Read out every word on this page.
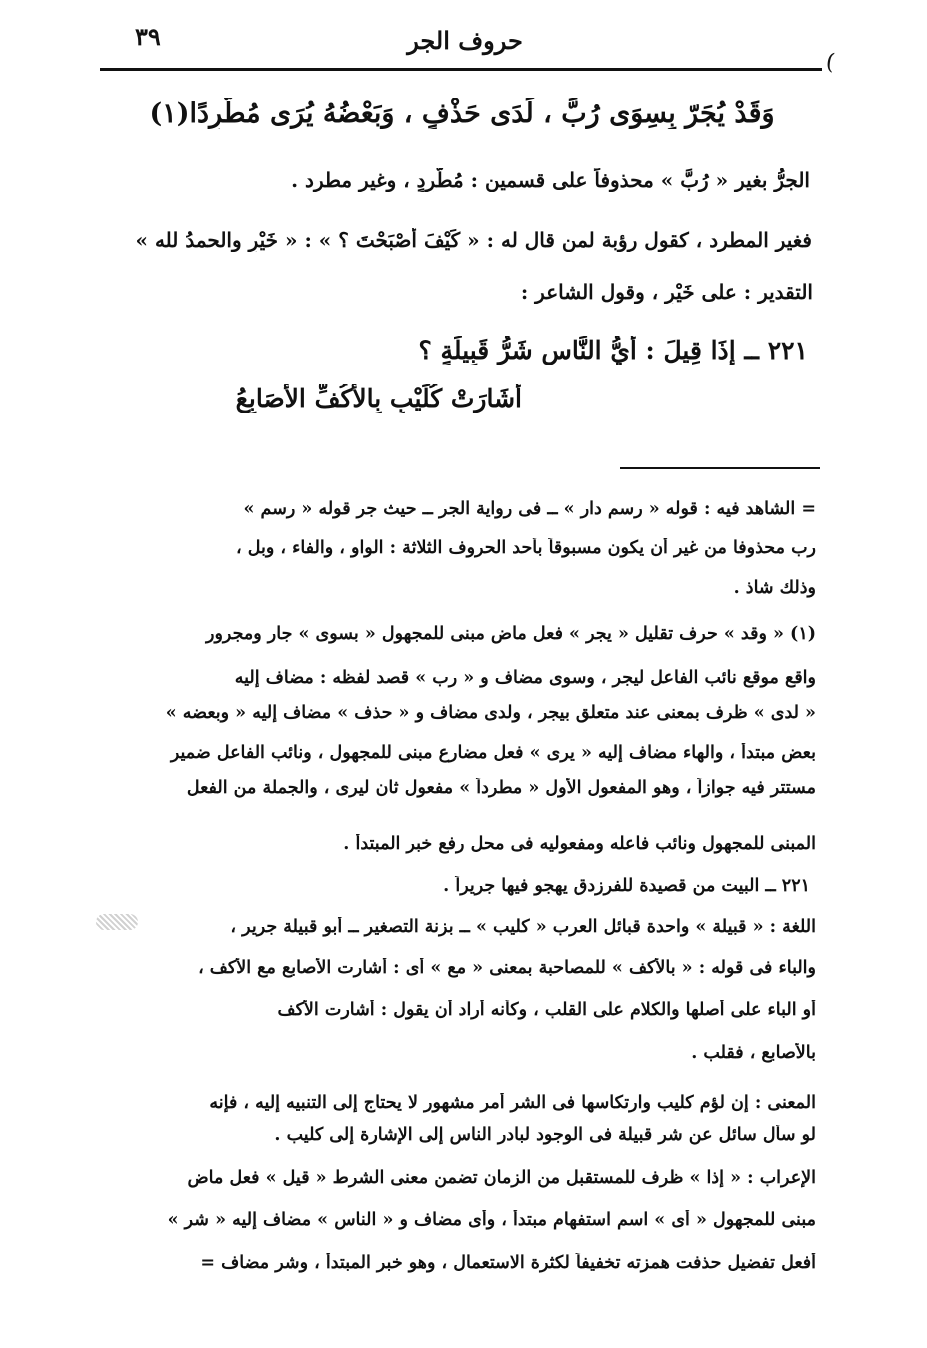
٣٩	حروف الجر
(
وَقَدْ يُجَرّ بِسِوَى رُبَّ ، لَدَى حَذْفٍ ، وَبَعْضُهُ يُرَى مُطَّرِدًا(١)
الجرُّ بغير « رُبَّ » محذوفاً على قسمين : مُطَّرِدٍ ، وغير مطرد .
فغير المطرد ، كقول رؤبة لمن قال له : « كَيْفَ أَصْبَحْتَ ؟ » : « خَيْرٍ والحمدُ لله »
التقدير : على خَيْرٍ ، وقول الشاعر :
٢٢١ ــ إِذَا قِيلَ : أَيُّ النَّاسِ شَرُّ قَبِيلَةٍ ؟
أَشَارَتْ كُلَيْبٍ بِالأَكُفِّ الأَصَابِعُ
= الشاهد فيه : قوله « رسم دار » ــ فى رواية الجر ــ حيث جر قوله « رسم »
رب محذوفا من غير أن يكون مسبوقاً بأحد الحروف الثلاثة : الواو ، والفاء ، وبل ،
وذلك شاذ .
(١) « وقد » حرف تقليل « يجر » فعل ماض مبنى للمجهول « بسوى » جار ومجرور
واقع موقع نائب الفاعل ليجر ، وسوى مضاف و « رب » قصد لفظه : مضاف إليه
« لدى » ظرف بمعنى عند متعلق بيجر ، ولدى مضاف و « حذف » مضاف إليه « وبعضه »
بعض مبتدأ ، والهاء مضاف إليه « يرى » فعل مضارع مبنى للمجهول ، ونائب الفاعل ضمير
مستتر فيه جوازاً ، وهو المفعول الأول « مطرداً » مفعول ثان ليرى ، والجملة من الفعل
المبنى للمجهول ونائب فاعله ومفعوليه فى محل رفع خبر المبتدأ .
٢٢١ ــ البيت من قصيدة للفرزدق يهجو فيها جريراً .
اللغة : « قبيلة » واحدة قبائل العرب « كليب » ــ بزنة التصغير ــ أبو قبيلة جرير ،
والباء فى قوله : « بالأكف » للمصاحبة بمعنى « مع » أى : أشارت الأصابع مع الأكف ،
أو الباء على أصلها والكلام على القلب ، وكأنه أراد أن يقول : أشارت الأكف
بالأصابع ، فقلب .
المعنى : إن لؤم كليب وارتكاسها فى الشر أمر مشهور لا يحتاج إلى التنبيه إليه ، فإنه
لو سأل سائل عن شر قبيلة فى الوجود لبادر الناس إلى الإشارة إلى كليب .
الإعراب : « إذا » ظرف للمستقبل من الزمان تضمن معنى الشرط « قيل » فعل ماض
مبنى للمجهول « أى » اسم استفهام مبتدأ ، وأى مضاف و « الناس » مضاف إليه « شر »
أفعل تفضيل حذفت همزته تخفيفاً لكثرة الاستعمال ، وهو خبر المبتدأ ، وشر مضاف =
